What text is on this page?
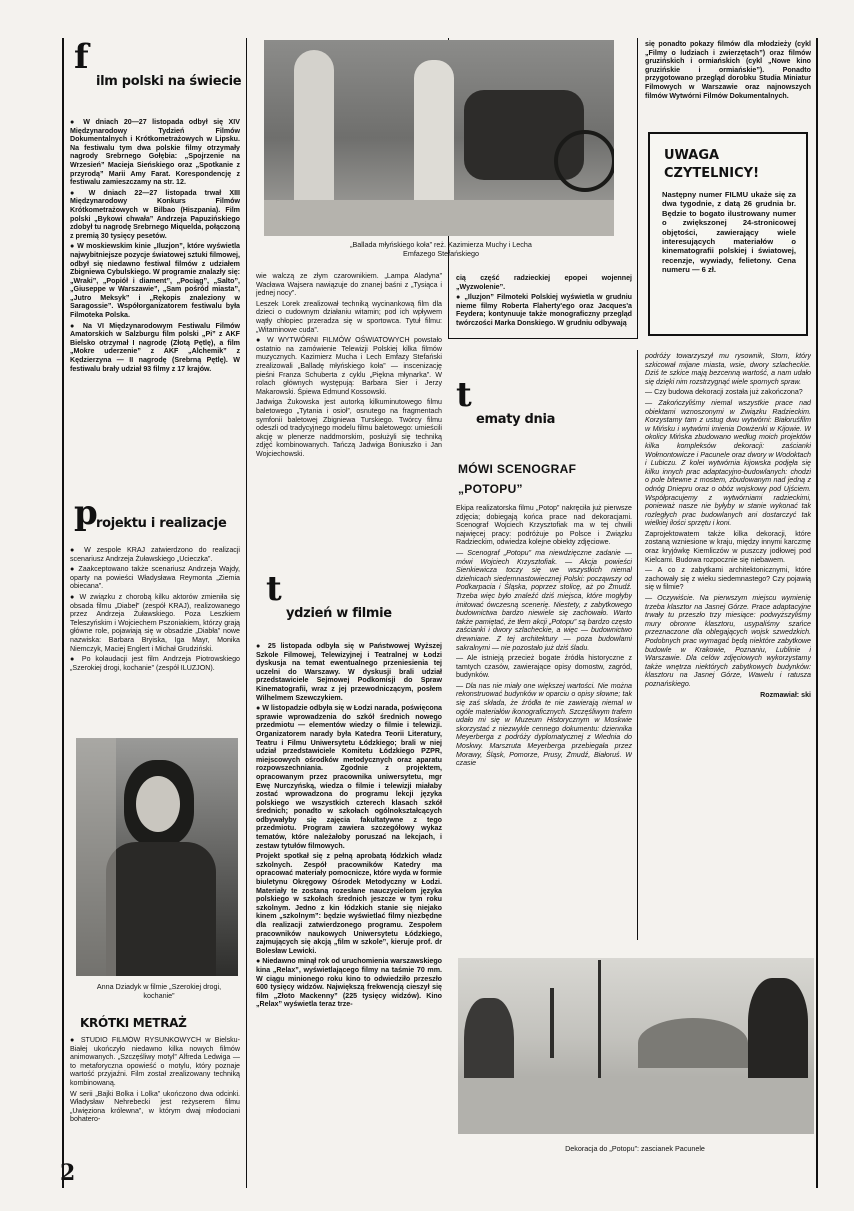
f
ilm polski na świecie

● W dniach 20—27 listopada odbył się XIV Międzynarodowy Tydzień Filmów Dokumentalnych i Krótkometrażowych w Lipsku. Na festiwalu tym dwa polskie filmy otrzymały nagrody Srebrnego Gołębia: „Spojrzenie na Wrzesień” Macieja Sieńskiego oraz „Spotkanie z przyrodą” Marii Amy Farat. Korespondencję z festiwalu zamieszczamy na str. 12.

● W dniach 22—27 listopada trwał XIII Międzynarodowy Konkurs Filmów Krótkometrażowych w Bilbao (Hiszpania). Film polski „Bykowi chwała” Andrzeja Papuzińskiego zdobył tu nagrodę Srebrnego Miquelda, połączoną z premią 30 tysięcy pesetów.

● W moskiewskim kinie „Iluzjon”, które wyświetla najwybitniejsze pozycje światowej sztuki filmowej, odbył się niedawno festiwal filmów z udziałem Zbigniewa Cybulskiego. W programie znalazły się: „Wraki”, „Popiół i diament”, „Pociąg”, „Salto”, „Giuseppe w Warszawie”, „Sam pośród miasta”, „Jutro Meksyk” i „Rękopis znaleziony w Saragossie”. Współorganizatorem festiwalu była Filmoteka Polska.

● Na VI Międzynarodowym Festiwalu Filmów Amatorskich w Salzburgu film polski „Pi” z AKF Bielsko otrzymał I nagrodę (Złotą Pętlę), a film „Mokre uderzenie” z AKF „Alchemik” z Kędzierzyna — II nagrodę (Srebrną Pętlę). W festiwalu brały udział 93 filmy z 17 krajów.

p
rojektu i realizacje

● W zespole KRAJ zatwierdzono do realizacji scenariusz Andrzeja Żuławskiego „Ucieczka”.

● Zaakceptowano także scenariusz Andrzeja Wajdy, oparty na powieści Władysława Reymonta „Ziemia obiecana”.

● W związku z chorobą kilku aktorów zmieniła się obsada filmu „Diabeł” (zespół KRAJ), realizowanego przez Andrzeja Żuławskiego. Poza Leszkiem Teleszyńskim i Wojciechem Pszoniakiem, którzy grają główne role, pojawiają się w obsadzie „Diabła” nowe nazwiska: Barbara Bryiska, Iga Mayr, Monika Niemczyk, Maciej Englert i Michał Grudziński.

● Po kolaudacji jest film Andrzeja Piotrowskiego „Szerokiej drogi, kochanie” (zespół ILUZJON).

Anna Dziadyk w filmie „Szerokiej drogi, kochanie”
KRÓTKI METRAŻ

● STUDIO FILMÓW RYSUNKOWYCH w Bielsku-Białej ukończyło niedawno kilka nowych filmów animowanych. „Szczęśliwy motyl” Alfreda Ledwiga — to metaforyczna opowieść o motylu, który poznaje wartość przyjaźni. Film został zrealizowany techniką kombinowaną.

W serii „Bajki Bolka i Lolka” ukończono dwa odcinki. Władysław Nehrebecki jest reżyserem filmu „Uwięziona królewna”, w którym dwaj młodociani bohatero-

„Ballada młyńskiego koła” reż. Kazimierza Muchy i Lecha Emfazego Stefańskiego

wie walczą ze złym czarownikiem. „Lampa Aladyna” Wacława Wajsera nawiązuje do znanej baśni z „Tysiąca i jednej nocy”.

Leszek Lorek zrealizował techniką wycinankową film dla dzieci o cudownym działaniu witamin; pod ich wpływem wątły chłopiec przeradza się w sportowca. Tytuł filmu: „Witaminowe cuda”.

● W WYTWÓRNI FILMÓW OŚWIATOWYCH powstało ostatnio na zamówienie Telewizji Polskiej kilka filmów muzycznych. Kazimierz Mucha i Lech Emfazy Stefański zrealizowali „Balladę młyńskiego koła” — inscenizację pieśni Franza Schuberta z cyklu „Piękna młynarka”. W rolach głównych występują: Barbara Sier i Jerzy Makarowski. Śpiewa Edmund Kossowski.

Jadwiga Żukowska jest autorką kilkuminutowego filmu baletowego „Tytania i osioł”, osnutego na fragmentach symfonii baletowej Zbigniewa Turskiego. Twórcy filmu odeszli od tradycyjnego modelu filmu baletowego: umieścili akcję w plenerze naddmorskim, posłużyli się techniką zdjęć kombinowanych. Tańczą Jadwiga Boniuszko i Jan Wojciechowski.

t
ydzień w filmie

● 25 listopada odbyła się w Państwowej Wyższej Szkole Filmowej, Telewizyjnej i Teatralnej w Łodzi dyskusja na temat ewentualnego przeniesienia tej uczelni do Warszawy. W dyskusji brali udział przedstawiciele Sejmowej Podkomisji do Spraw Kinematografii, wraz z jej przewodniczącym, posłem Wilhelmem Szewczykiem.

● W listopadzie odbyła się w Łodzi narada, poświęcona sprawie wprowadzenia do szkół średnich nowego przedmiotu — elementów wiedzy o filmie i telewizji. Organizatorem narady była Katedra Teorii Literatury, Teatru i Filmu Uniwersytetu Łódzkiego; brali w niej udział przedstawiciele Komitetu Łódzkiego PZPR, miejscowych ośrodków metodycznych oraz aparatu rozpowszechniania. Zgodnie z projektem, opracowanym przez pracownika uniwersytetu, mgr Ewę Nurczyńską, wiedza o filmie i telewizji miałaby zostać wprowadzona do programu lekcji języka polskiego we wszystkich czterech klasach szkół średnich; ponadto w szkołach ogólnokształcących odbywałyby się zajęcia fakultatywne z tego przedmiotu. Program zawiera szczegółowy wykaz tematów, które należałoby poruszać na lekcjach, i zestaw tytułów filmowych.

Projekt spotkał się z pełną aprobatą łódzkich władz szkolnych. Zespół pracowników Katedry ma opracować materiały pomocnicze, które wyda w formie biuletynu Okręgowy Ośrodek Metodyczny w Łodzi. Materiały te zostaną rozesłane nauczycielom języka polskiego w szkołach średnich jeszcze w tym roku szkolnym. Jedno z kin łódzkich stanie się niejako kinem „szkolnym”: będzie wyświetlać filmy niezbędne dla realizacji zatwierdzonego programu. Zespołem pracowników naukowych Uniwersytetu Łódzkiego, zajmujących się akcją „film w szkole”, kieruje prof. dr Bolesław Lewicki.

● Niedawno minął rok od uruchomienia warszawskiego kina „Relax”, wyświetlającego filmy na taśmie 70 mm. W ciągu minionego roku kino to odwiedziło przeszło 600 tysięcy widzów. Największą frekwencją cieszył się film „Złoto Mackenny” (225 tysięcy widzów). Kino „Relax” wyświetla teraz trze-

cią część radzieckiej epopei wojennej „Wyzwolenie”.

● „Iluzjon” Filmoteki Polskiej wyświetla w grudniu nieme filmy Roberta Flaherty'ego oraz Jacques'a Feydera; kontynuuje także monograficzny przegląd twórczości Marka Donskiego. W grudniu odbywają

t
ematy dnia
MÓWI SCENOGRAF
„POTOPU”

Ekipa realizatorska filmu „Potop” nakręciła już pierwsze zdjęcia; dobiegają końca prace nad dekoracjami. Scenograf Wojciech Krzysztofiak ma w tej chwili najwięcej pracy: podróżuje po Polsce i Związku Radzieckim, odwiedza kolejne obiekty zdjęciowe.

— Scenograf „Potopu” ma niewdzięczne zadanie — mówi Wojciech Krzysztofiak. — Akcja powieści Sienkiewicza toczy się we wszystkich niemal dzielnicach siedemnastowiecznej Polski: począwszy od Podkarpacia i Śląska, poprzez stolicę, aż po Żmudź. Trzeba więc było znaleźć dziś miejsca, które mogłyby imitować ówczesną scenerię. Niestety, z zabytkowego budownictwa bardzo niewiele się zachowało. Warto także pamiętać, że tłem akcji „Potopu” są bardzo często zaścianki i dwory szlacheckie, a więc — budownictwo drewniane. Z tej architektury — poza budowlami sakralnymi — nie pozostało już dziś śladu.

— Ale istnieją przecież bogate źródła historyczne z tamtych czasów, zawierające opisy domostw, zagród, budynków.

— Dla nas nie miały one większej wartości. Nie można rekonstruować budynków w oparciu o opisy słowne; tak się zaś składa, że źródła te nie zawierają niemal w ogóle materiałów ikonograficznych. Szczęśliwym trafem udało mi się w Muzeum Historycznym w Moskwie skorzystać z niezwykle cennego dokumentu: dziennika Meyerberga z podróży dyplomatycznej z Wiednia do Moskwy. Marszruta Meyerberga przebiegała przez Morawy, Śląsk, Pomorze, Prusy, Żmudź, Białoruś. W czasie

się ponadto pokazy filmów dla młodzieży (cykl „Filmy o ludziach i zwierzętach”) oraz filmów gruzińskich i ormiańskich (cykl „Nowe kino gruzińskie i ormiańskie”). Ponadto przygotowano przegląd dorobku Studia Miniatur Filmowych w Warszawie oraz najnowszych filmów Wytwórni Filmów Dokumentalnych.

UWAGA
CZYTELNICY!
Następny numer FILMU ukaże się za dwa tygodnie, z datą 26 grudnia br. Będzie to bogato ilustrowany numer o zwiększonej 24-stronicowej objętości, zawierający wiele interesujących materiałów o kinematografii polskiej i światowej, recenzje, wywiady, felietony. Cena numeru — 6 zł.

podróży towarzyszył mu rysownik, Storn, który szkicował mijane miasta, wsie, dwory szlacheckie. Dziś te szkice mają bezcenną wartość, a nam udało się dzięki nim rozstrzygnąć wiele spornych spraw.

— Czy budowa dekoracji została już zakończona?

— Zakończyliśmy niemal wszystkie prace nad obiektami wznoszonymi w Związku Radzieckim. Korzystamy tam z ustug dwu wytwórni: Białoruśfilm w Mińsku i wytwórni imienia Dowżenki w Kijowie. W okolicy Mińska zbudowano według moich projektów kilka kompleksów dekoracji: zaścianki Wołmontowicze i Pacunele oraz dwory w Wodoktach i Lubiczu. Z kolei wytwórnia kijowska podjęła się kilku innych prac adaptacyjno-budowlanych: chodzi o pole bitewne z mostem, zbudowanym nad jedną z odnóg Dniepru oraz o obóz wojskowy pod Ujściem. Współpracujemy z wytwórniami radzieckimi, ponieważ nasze nie byłyby w stanie wykonać tak rozległych prac budowlanych ani dostarczyć tak wielkiej ilości sprzętu i koni.

Zaprojektowatem także kilka dekoracji, które zostaną wzniesione w kraju, między innymi karczmę oraz kryjówkę Kiemliczów w puszczy jodłowej pod Kielcami. Budowa rozpocznie się niebawem.

— A co z zabytkami architektonicznymi, które zachowały się z wieku siedemnastego? Czy pojawią się w filmie?

— Oczywiście. Na pierwszym miejscu wymienię trzeba klasztor na Jasnej Górze. Prace adaptacyjne trwały tu przeszło trzy miesiące: podwyższyliśmy mury obronne klasztoru, usypaliśmy szańce przeznaczone dla oblegających wojsk szwedzkich. Podobnych prac wymagać będą niektóre zabytkowe budowle w Krakowie, Poznaniu, Lublinie i Warszawie. Dla celów zdjęciowych wykorzystamy także wnętrza niektórych zabytkowych budynków: klasztoru na Jasnej Górze, Wawelu i ratusza poznańskiego.

Rozmawiał: ski

Dekoracja do „Potopu”: zascianek Pacunele
2
